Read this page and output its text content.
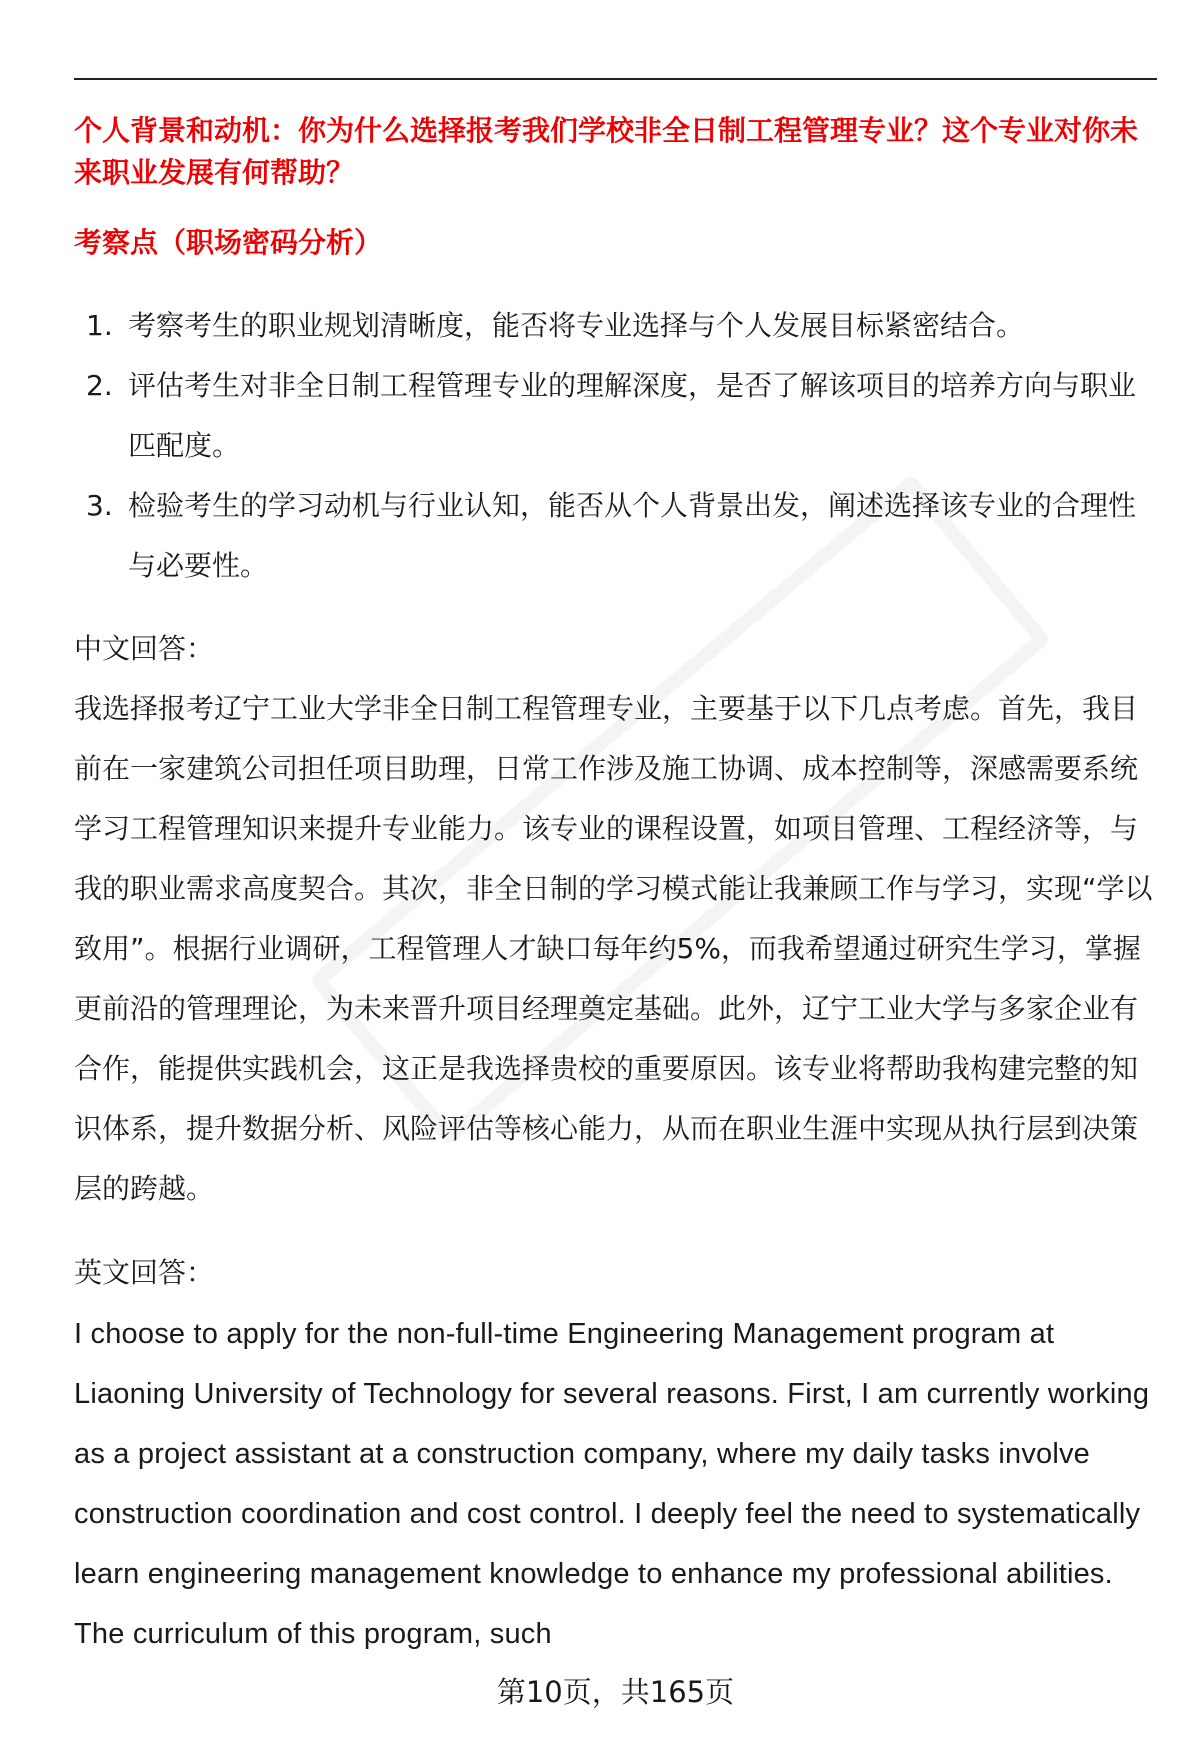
个人背景和动机：你为什么选择报考我们学校非全日制工程管理专业？这个专业对你未来职业发展有何帮助？

考察点（职场密码分析）

1. 考察考生的职业规划清晰度，能否将专业选择与个人发展目标紧密结合。
2. 评估考生对非全日制工程管理专业的理解深度，是否了解该项目的培养方向与职业匹配度。
3. 检验考生的学习动机与行业认知，能否从个人背景出发，阐述选择该专业的合理性与必要性。

中文回答：

我选择报考辽宁工业大学非全日制工程管理专业，主要基于以下几点考虑。首先，我目前在一家建筑公司担任项目助理，日常工作涉及施工协调、成本控制等，深感需要系统学习工程管理知识来提升专业能力。该专业的课程设置，如项目管理、工程经济等，与我的职业需求高度契合。其次，非全日制的学习模式能让我兼顾工作与学习，实现“学以致用”。根据行业调研，工程管理人才缺口每年约5%，而我希望通过研究生学习，掌握更前沿的管理理论，为未来晋升项目经理奠定基础。此外，辽宁工业大学与多家企业有合作，能提供实践机会，这正是我选择贵校的重要原因。该专业将帮助我构建完整的知识体系，提升数据分析、风险评估等核心能力，从而在职业生涯中实现从执行层到决策层的跨越。

英文回答：

I choose to apply for the non-full-time Engineering Management program at Liaoning University of Technology for several reasons. First, I am currently working as a project assistant at a construction company, where my daily tasks involve construction coordination and cost control. I deeply feel the need to systematically learn engineering management knowledge to enhance my professional abilities. The curriculum of this program, such

第10页，共165页
